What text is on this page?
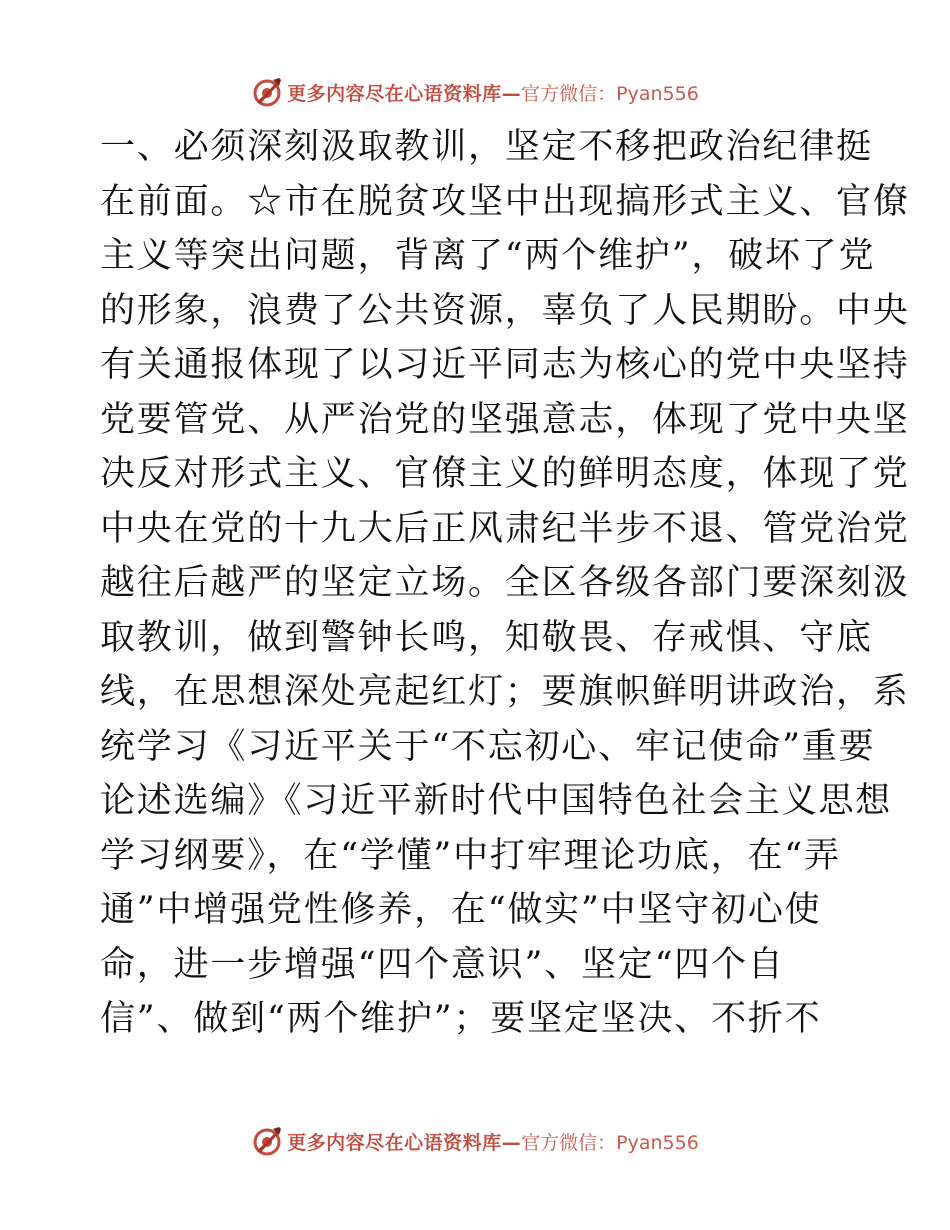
更多内容尽在心语资料库— 官方微信：Pyan556
一、必须深刻汲取教训，坚定不移把政治纪律挺
在前面。☆市在脱贫攻坚中出现搞形式主义、官僚
主义等突出问题，背离了“两个维护”，破坏了党
的形象，浪费了公共资源，辜负了人民期盼。中央
有关通报体现了以习近平同志为核心的党中央坚持
党要管党、从严治党的坚强意志，体现了党中央坚
决反对形式主义、官僚主义的鲜明态度，体现了党
中央在党的十九大后正风肃纪半步不退、管党治党
越往后越严的坚定立场。全区各级各部门要深刻汲
取教训，做到警钟长鸣，知敬畏、存戒惧、守底
线，在思想深处亮起红灯；要旗帜鲜明讲政治，系
统学习《习近平关于“不忘初心、牢记使命”重要
论述选编》《习近平新时代中国特色社会主义思想
学习纲要》，在“学懂”中打牢理论功底，在“弄
通”中增强党性修养，在“做实”中坚守初心使
命，进一步增强“四个意识”、坚定“四个自
信”、做到“两个维护”；要坚定坚决、不折不
更多内容尽在心语资料库— 官方微信：Pyan556
